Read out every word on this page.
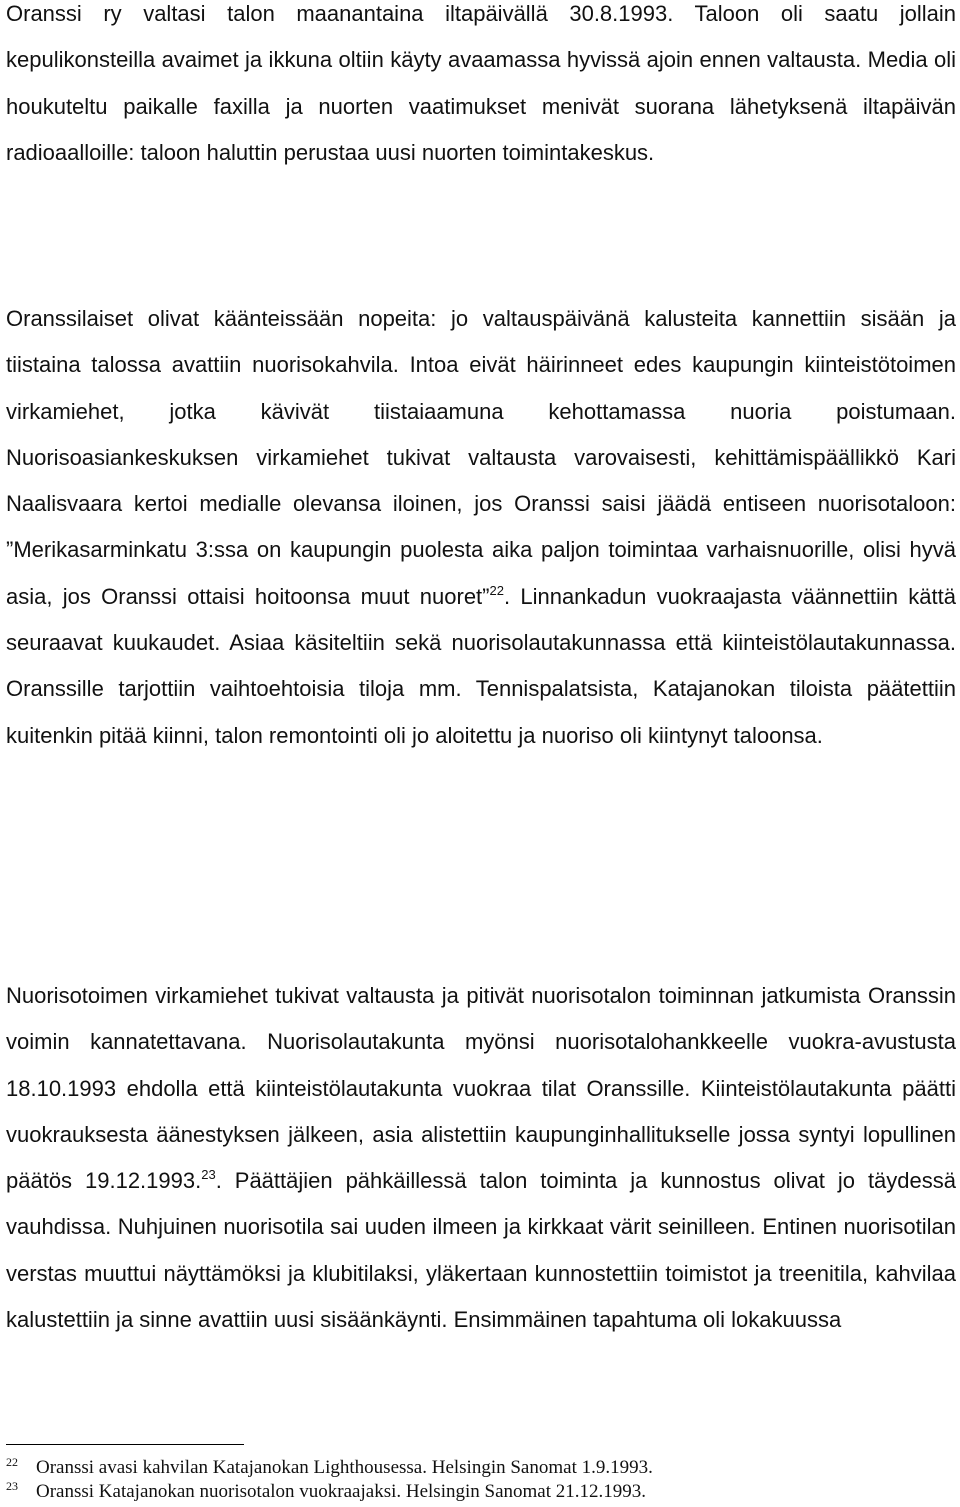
Oranssi ry valtasi talon maanantaina iltapäivällä 30.8.1993. Taloon oli saatu jollain kepulikonsteilla avaimet ja ikkuna oltiin käyty avaamassa hyvissä ajoin ennen valtausta. Media oli houkuteltu paikalle faxilla ja nuorten vaatimukset menivät suorana lähetyksenä iltapäivän radioaalloille: taloon haluttin perustaa uusi nuorten toimintakeskus.

Oranssilaiset olivat käänteissään nopeita: jo valtauspäivänä kalusteita kannettiin sisään ja tiistaina talossa avattiin nuorisokahvila. Intoa eivät häirinneet edes kaupungin kiinteistötoimen virkamiehet, jotka kävivät tiistaiaamuna kehottamassa nuoria poistumaan. Nuorisoasiankeskuksen virkamiehet tukivat valtausta varovaisesti, kehittämispäällikkö Kari Naalisvaara kertoi medialle olevansa iloinen, jos Oranssi saisi jäädä entiseen nuorisotaloon: ”Merikasarminkatu 3:ssa on kaupungin puolesta aika paljon toimintaa varhaisnuorille, olisi hyvä asia, jos Oranssi ottaisi hoitoonsa muut nuoret”$^{22}$. Linnankadun vuokraajasta väännettiin kättä seuraavat kuukaudet. Asiaa käsiteltiin sekä nuorisolautakunnassa että kiinteistölautakunnassa. Oranssille tarjottiin vaihtoehtoisia tiloja mm. Tennispalatsista, Katajanokan tiloista päätettiin kuitenkin pitää kiinni, talon remontointi oli jo aloitettu ja nuoriso oli kiintynyt taloonsa.

Nuorisotoimen virkamiehet tukivat valtausta ja pitivät nuorisotalon toiminnan jatkumista Oranssin voimin kannatettavana. Nuorisolautakunta myönsi nuorisotalohankkeelle vuokra-avustusta 18.10.1993 ehdolla että kiinteistölautakunta vuokraa tilat Oranssille. Kiinteistölautakunta päätti vuokrauksesta äänestyksen jälkeen, asia alistettiin kaupunginhallitukselle jossa syntyi lopullinen päätös 19.12.1993.23. Päättäjien pähkäillessä talon toiminta ja kunnostus olivat jo täydessä vauhdissa. Nuhjuinen nuorisotila sai uuden ilmeen ja kirkkaat värit seinilleen. Entinen nuorisotilan verstas muuttui näyttämöksi ja klubitilaksi, yläkertaan kunnostettiin toimistot ja treenitila, kahvilaa kalustettiin ja sinne avattiin uusi sisäänkäynti. Ensimmäinen tapahtuma oli lokakuussa

22 Oranssi avasi kahvilan Katajanokan Lighthousessa. Helsingin Sanomat 1.9.1993.

23 Oranssi Katajanokan nuorisotalon vuokraajaksi. Helsingin Sanomat 21.12.1993.
